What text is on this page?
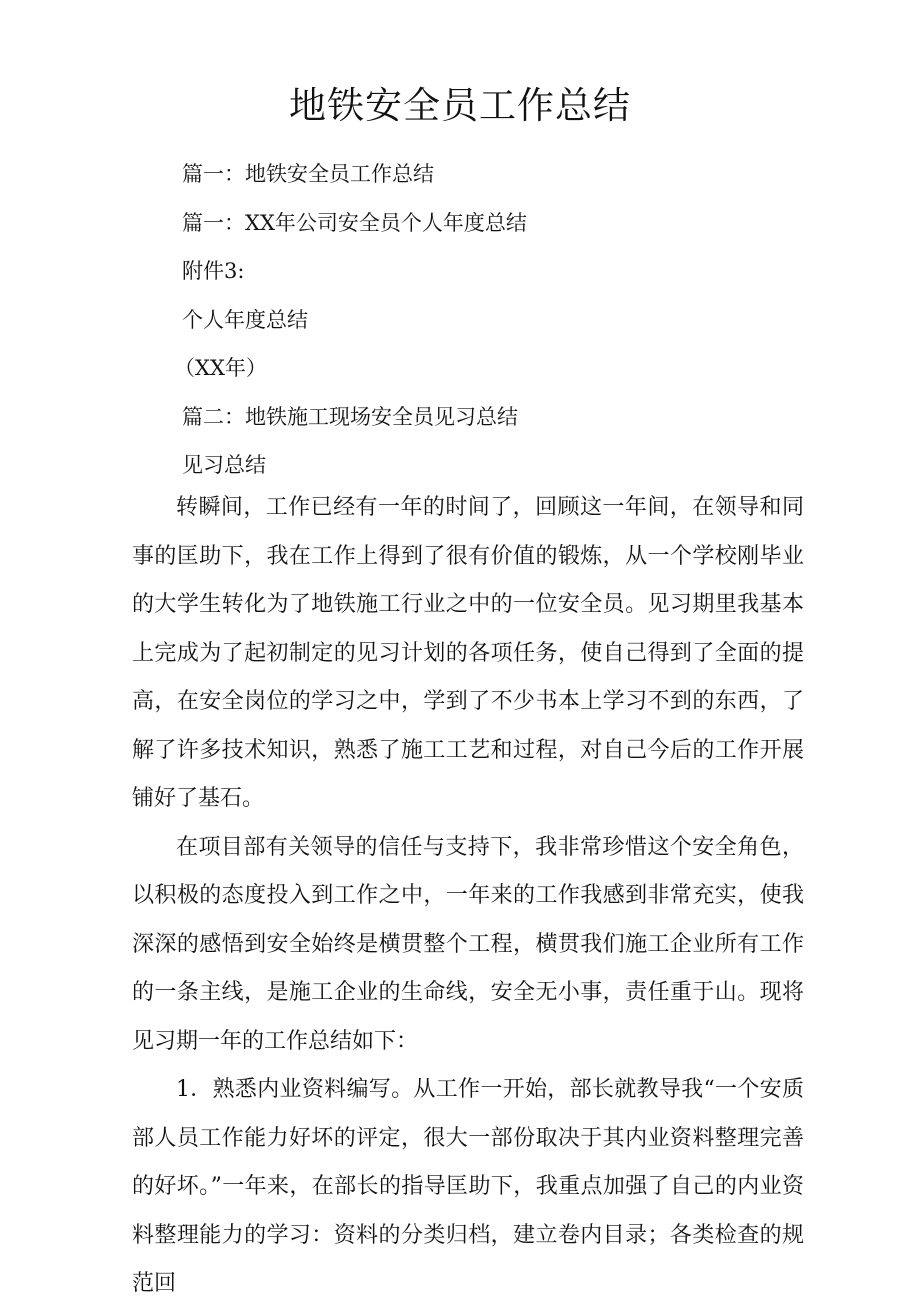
地铁安全员工作总结
篇一：地铁安全员工作总结
篇一：XX年公司安全员个人年度总结
附件3:
个人年度总结
（XX年）
篇二：地铁施工现场安全员见习总结
见习总结

转瞬间，工作已经有一年的时间了，回顾这一年间，在领导和同事的匡助下，我在工作上得到了很有价值的锻炼，从一个学校刚毕业的大学生转化为了地铁施工行业之中的一位安全员。见习期里我基本上完成为了起初制定的见习计划的各项任务，使自己得到了全面的提高，在安全岗位的学习之中，学到了不少书本上学习不到的东西，了解了许多技术知识，熟悉了施工工艺和过程，对自己今后的工作开展铺好了基石。

在项目部有关领导的信任与支持下，我非常珍惜这个安全角色，以积极的态度投入到工作之中，一年来的工作我感到非常充实，使我深深的感悟到安全始终是横贯整个工程，横贯我们施工企业所有工作的一条主线，是施工企业的生命线，安全无小事，责任重于山。现将见习期一年的工作总结如下：

1．熟悉内业资料编写。从工作一开始，部长就教导我“一个安质部人员工作能力好坏的评定，很大一部份取决于其内业资料整理完善的好坏。”一年来，在部长的指导匡助下，我重点加强了自己的内业资料整理能力的学习：资料的分类归档，建立卷内目录；各类检查的规范回
